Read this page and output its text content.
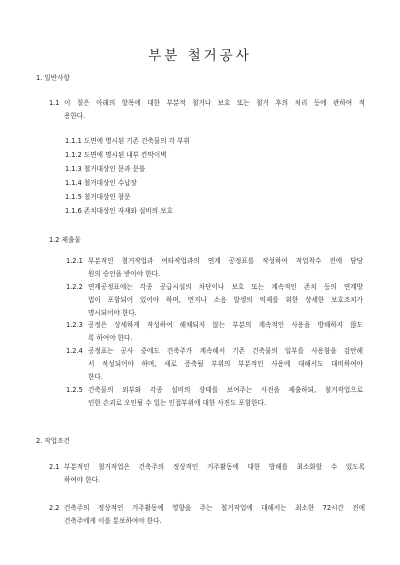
부분 철거공사
1. 일반사항
1.1 이 절은 아래의 항목에 대한 부분적 철거나 보호 또는 철거 후의 처리 등에 관하여 적
용한다.
1.1.1 도면에 명시된 기존 건축물의 각 부위
1.1.2 도면에 명시된 내부 칸막이벽
1.1.3 철거대상인 문과 문틀
1.1.4 철거대상인 수납장
1.1.5 철거대상인 창문
1.1.6 존치대상인 자재와 설비의 보호
1.2 제출물
1.2.1 부분적인 철거작업과 여타작업과의 연계 공정표를 작성하여 작업착수 전에 담당
원의 승인을 받아야 한다.
1.2.2 연계공정표에는 각종 공급시설의 차단이나 보호 또는 계속적인 존치 등의 연계방
법이 포함되어 있어야 하며, 먼지나 소음 발생의 억제를 위한 상세한 보호조치가
명시되어야 한다.
1.2.3 공정은 상세하게 작성하여 해체되지 않는 부분의 계속적인 사용을 방해하지 않도
록 하여야 한다.
1.2.4 공정표는 공사 중에도 건축주가 계속해서 기존 건축물의 일부를 사용함을 감안해
서 작성되어야 하며, 새로 증축될 부위의 부분적인 사용에 대해서도 대비하여야
한다.
1.2.5 건축물의 외부와 각종 설비의 상태를 보여주는 사진을 제출하되, 철거작업으로
인한 손괴로 오인될 수 있는 인접부위에 대한 사진도 포함한다.
2. 작업조건
2.1 부분적인 철거작업은 건축주의 정상적인 거주활동에 대한 방해를 최소화할 수 있도록
하여야 한다.
2.2 건축주의 정상적인 거주활동에 영향을 주는 철거작업에 대해서는 최소한 72시간 전에
건축주에게 이를 통보하여야 한다.
